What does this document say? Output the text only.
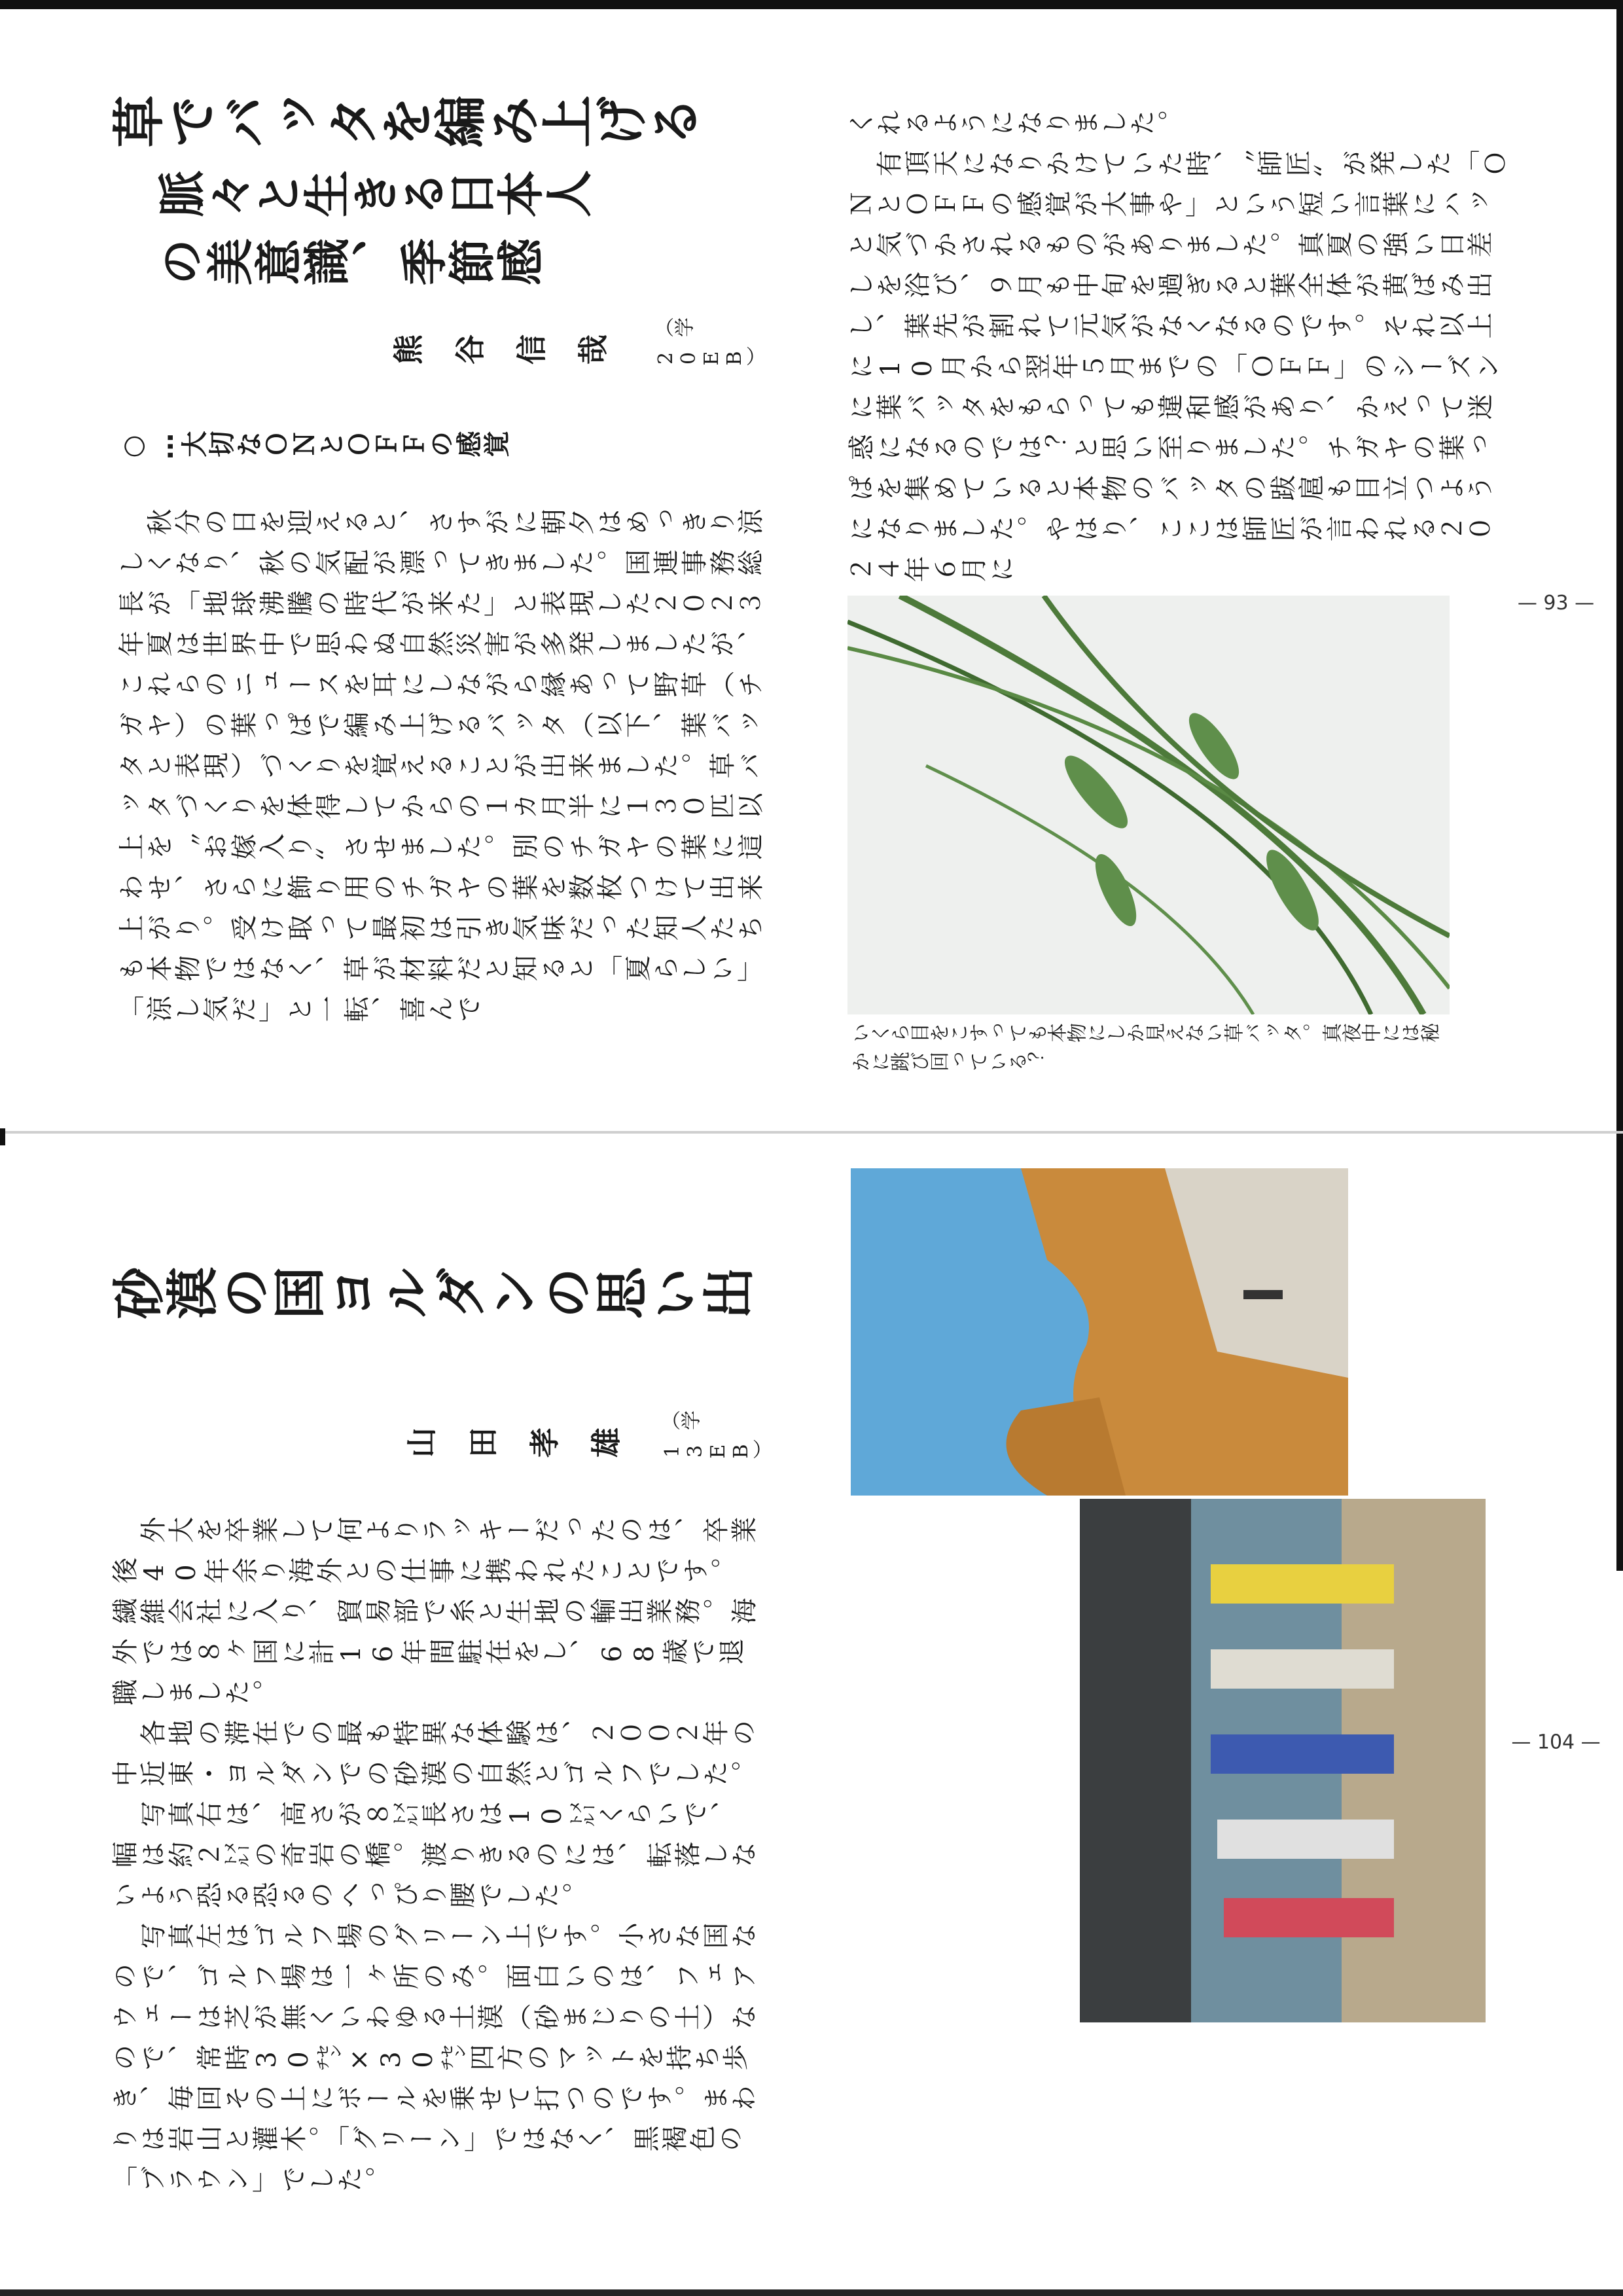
草でバッタを編み上げる
脈々と生きる日本人の美意識、季節感
熊谷信哉
（学20EB）
○…大切なＯＮとＯＦＦの感覚
　秋分の日を迎えると、さすがに朝夕はめっきり涼しくなり、秋の気配が漂ってきました。国連事務総長が「地球沸騰の時代が来た」と表現した２０２３年夏は世界中で思わぬ自然災害が多発しましたが、これらのニュースを耳にしながら縁あって野草（チガヤ）の葉っぱで編み上げるバッタ（以下、葉バッタと表現）づくりを覚えることが出来ました。草バッタづくりを体得してからの１カ月半に１３０匹以上を〝お嫁入り〟させました。別のチガヤの葉に這わせ、さらに飾り用のチガヤの葉を数枚つけて出来上がり。受け取って最初は引き気味だった知人たちも本物ではなく、草が材料だと知ると「夏らしい」「涼し気だ」と一転、喜んで
くれるようになりました。
　有頂天になりかけていた時、〝師匠〟が発した「ＯＮとＯＦＦの感覚が大事や」という短い言葉にハッと気づかされるものがありました。真夏の強い日差しを浴び、９月も中旬を過ぎると葉全体が黄ばみ出し、葉先が割れて元気がなくなるのです。それ以上に10月から翌年５月までの「ＯＦＦ」のシーズンに葉バッタをもらっても違和感があり、かえって迷惑になるのでは？と思い至りました。チガヤの葉っぱを集めていると本物のバッタの跋扈も目立つようになりました。やはり、ここは師匠が言われる２０２４年６月に
いくら目をこすっても本物にしか見えない草バッタ。真夜中には秘かに跳び回っている？
— 93 —
砂漠の国ヨルダンの思い出
山田孝雄
（学13EB）
　外大を卒業して何よりラッキーだったのは、卒業後40年余り海外との仕事に携われたことです。繊維会社に入り、貿易部で糸と生地の輸出業務。海外では８ヶ国に計16年間駐在をし、68歳で退職しました。
　各地の滞在での最も特異な体験は、２００２年の中近東・ヨルダンでの砂漠の自然とゴルフでした。
　写真右は、高さが８㍍長さは10㍍くらいで、幅は約２㍍の奇岩の橋。渡りきるのには、転落しないよう恐る恐るのへっぴり腰でした。
　写真左はゴルフ場のグリーン上です。小さな国なので、ゴルフ場は一ヶ所のみ。面白いのは、フェアウェーは芝が無くいわゆる土漠（砂まじりの土）なので、常時30㌢×30㌢四方のマットを持ち歩き、毎回その上にボールを乗せて打つのです。まわりは岩山と灌木。「グリーン」ではなく、黒褐色の「ブラウン」でした。
— 104 —
